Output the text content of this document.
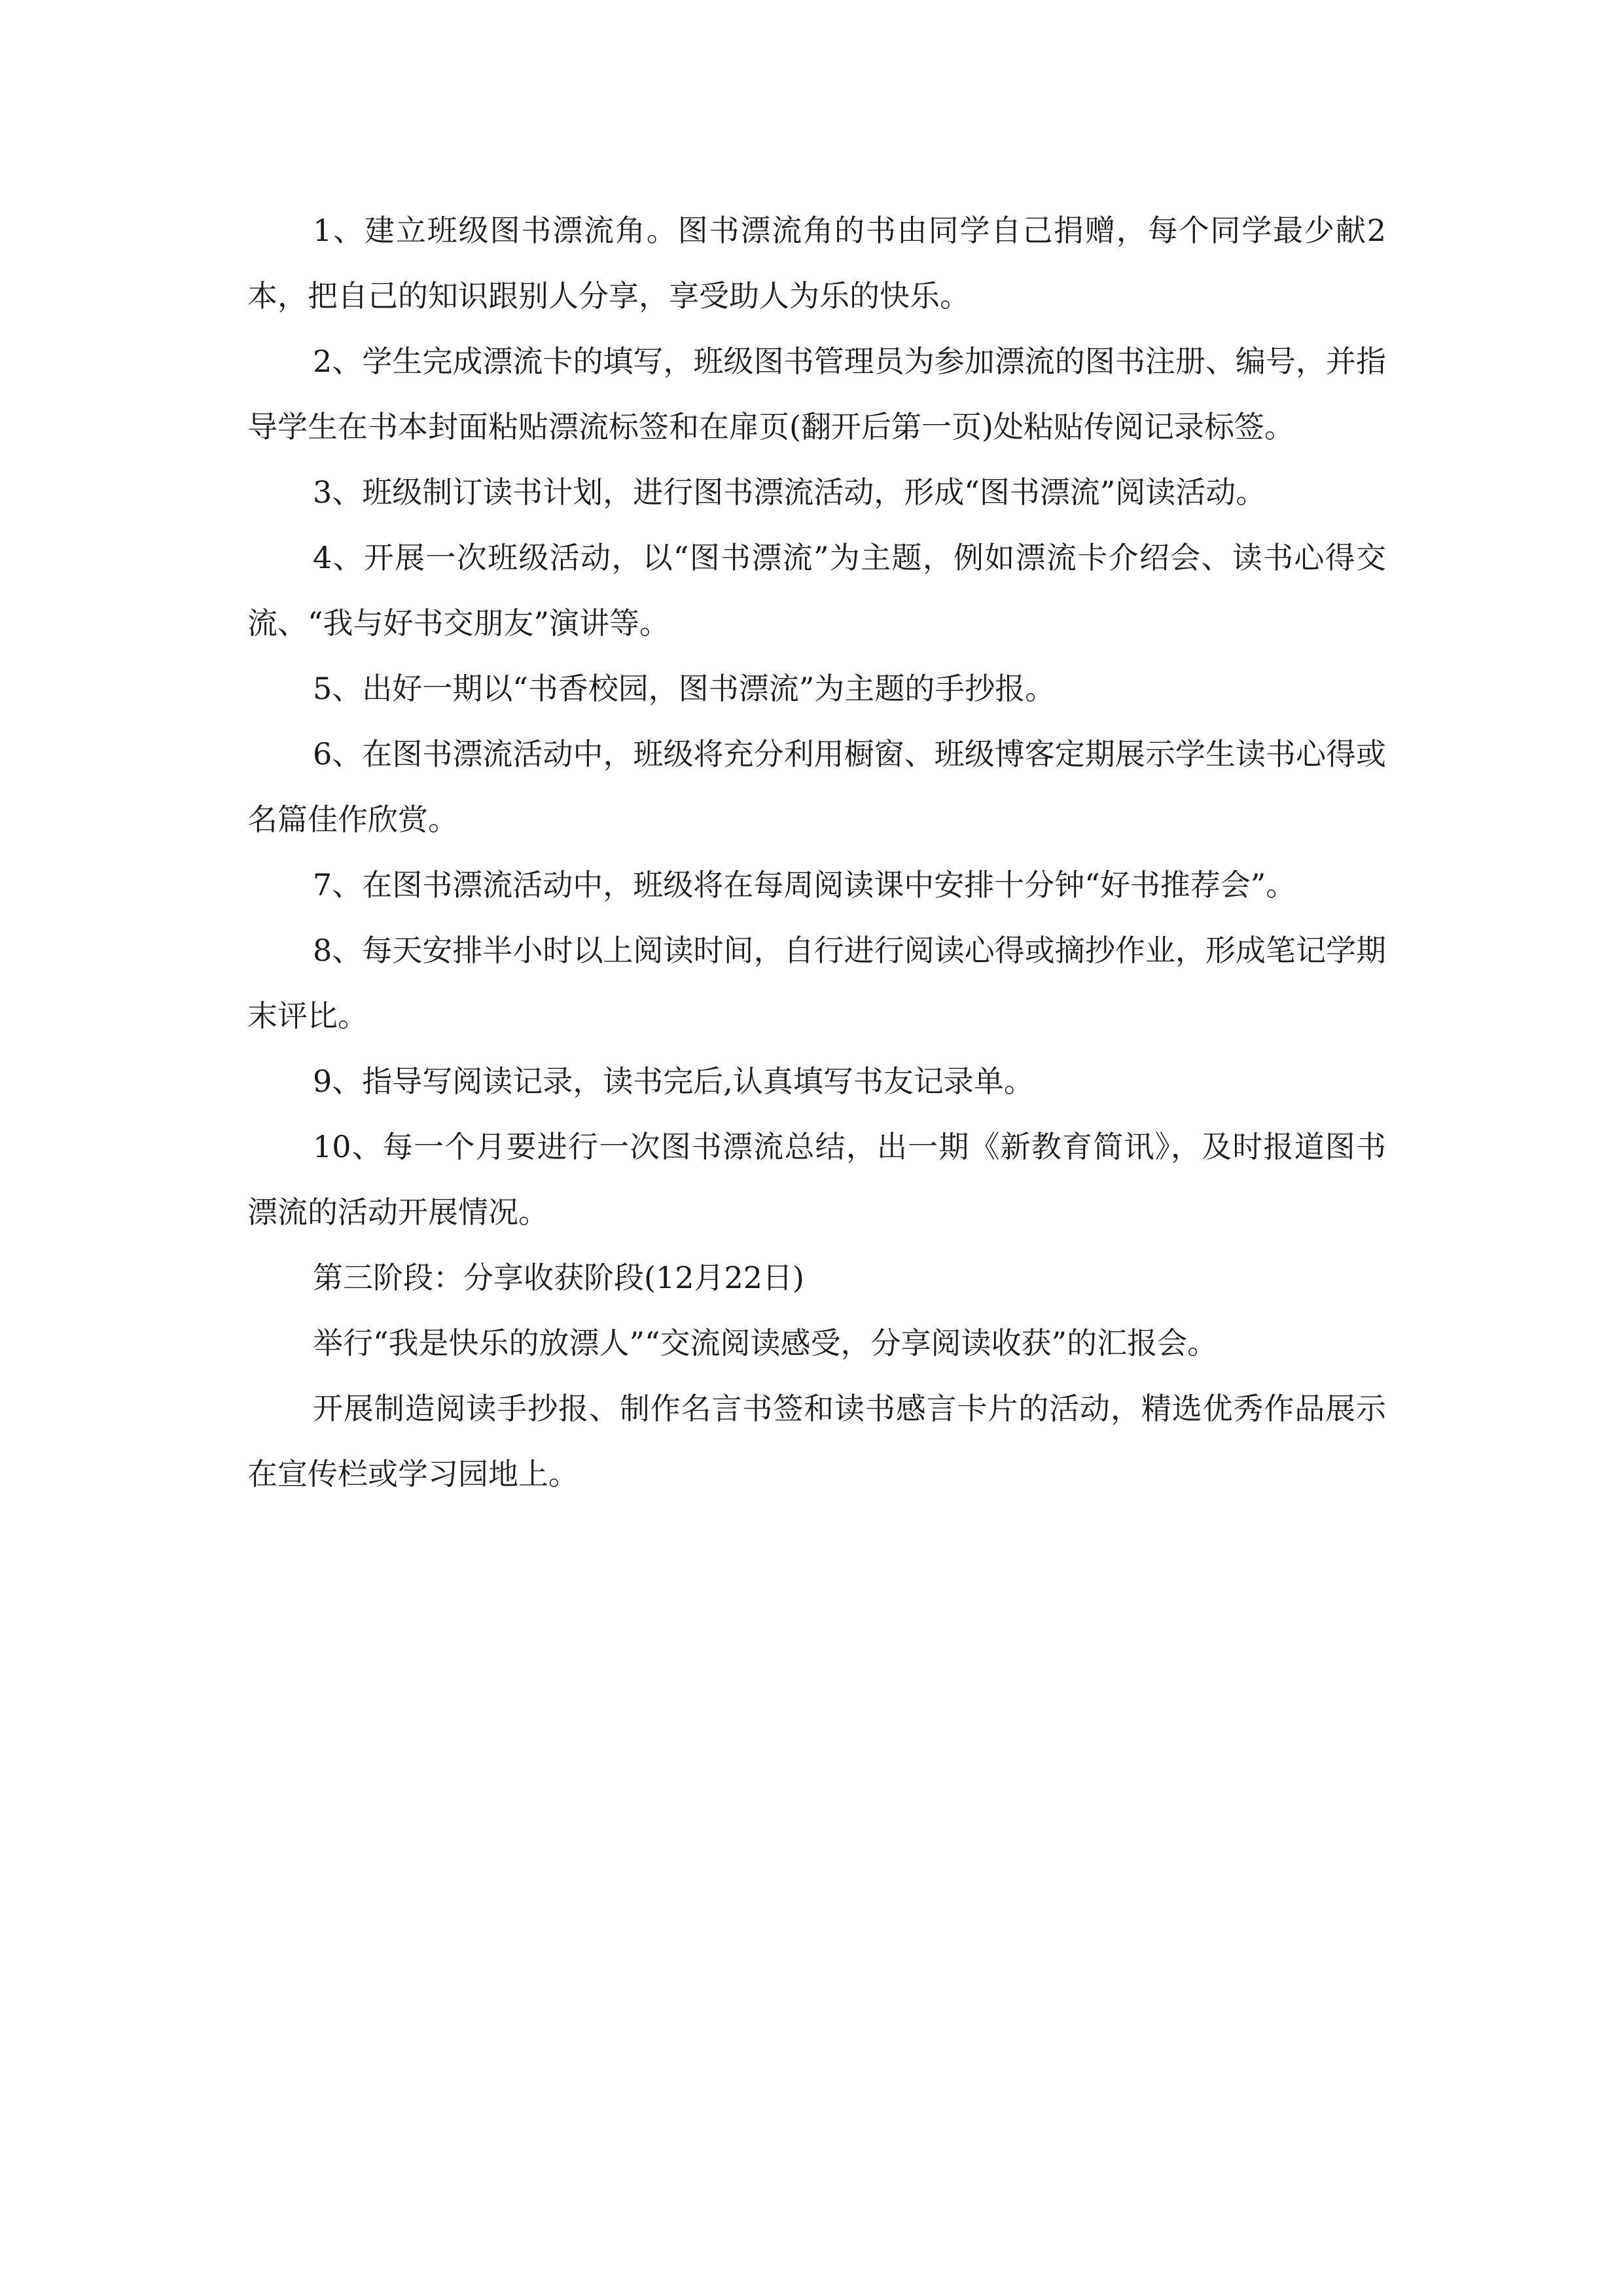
1、建立班级图书漂流角。图书漂流角的书由同学自己捐赠，每个同学最少献2本，把自己的知识跟别人分享，享受助人为乐的快乐。

2、学生完成漂流卡的填写，班级图书管理员为参加漂流的图书注册、编号，并指导学生在书本封面粘贴漂流标签和在扉页(翻开后第一页)处粘贴传阅记录标签。

3、班级制订读书计划，进行图书漂流活动，形成“图书漂流”阅读活动。

4、开展一次班级活动，以“图书漂流”为主题，例如漂流卡介绍会、读书心得交流、“我与好书交朋友”演讲等。

5、出好一期以“书香校园，图书漂流”为主题的手抄报。

6、在图书漂流活动中，班级将充分利用橱窗、班级博客定期展示学生读书心得或名篇佳作欣赏。

7、在图书漂流活动中，班级将在每周阅读课中安排十分钟“好书推荐会”。

8、每天安排半小时以上阅读时间，自行进行阅读心得或摘抄作业，形成笔记学期末评比。

9、指导写阅读记录，读书完后,认真填写书友记录单。

10、每一个月要进行一次图书漂流总结，出一期《新教育简讯》，及时报道图书漂流的活动开展情况。

第三阶段：分享收获阶段(12月22日)

举行“我是快乐的放漂人”“交流阅读感受，分享阅读收获”的汇报会。

开展制造阅读手抄报、制作名言书签和读书感言卡片的活动，精选优秀作品展示在宣传栏或学习园地上。
